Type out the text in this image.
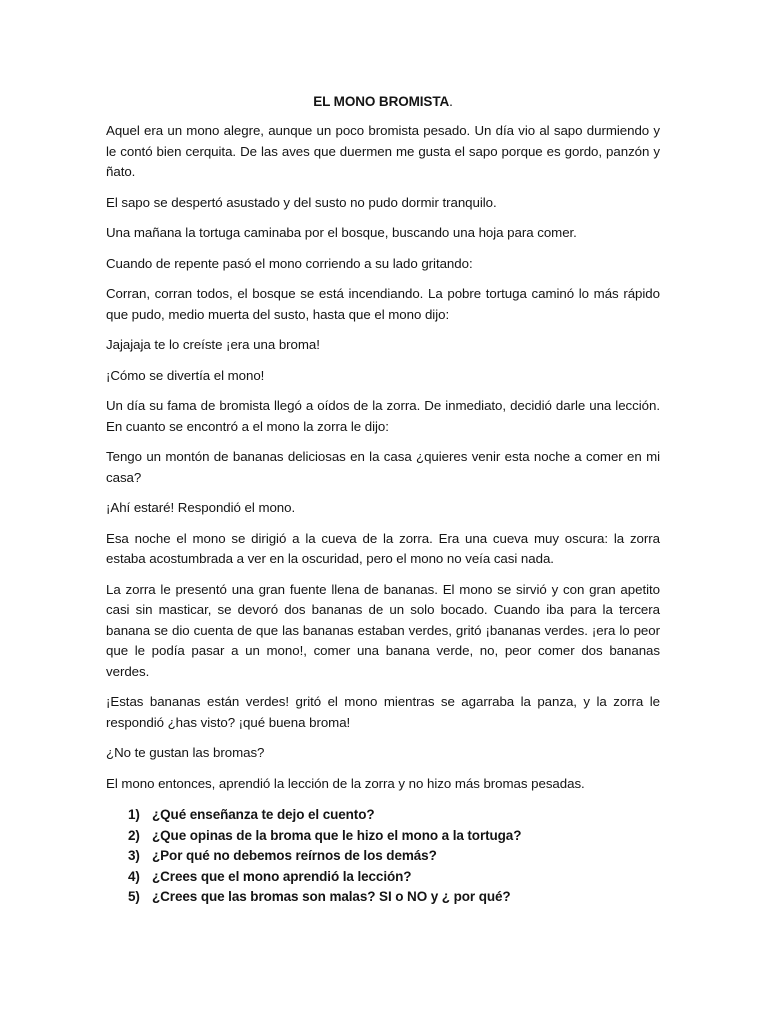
EL MONO BROMISTA.

Aquel era un mono alegre, aunque un poco bromista pesado. Un día vio al sapo durmiendo y le contó bien cerquita. De las aves que duermen me gusta el sapo porque es gordo, panzón y ñato.

El sapo se despertó asustado y del susto no pudo dormir tranquilo.

Una mañana la tortuga caminaba por el bosque, buscando una hoja para comer.

Cuando de repente pasó el mono corriendo a su lado gritando:

Corran, corran todos, el bosque se está incendiando. La pobre tortuga caminó lo más rápido que pudo, medio muerta del susto, hasta que el mono dijo:

Jajajaja te lo creíste ¡era una broma!

¡Cómo se divertía el mono!

Un día su fama de bromista llegó a oídos de la zorra. De inmediato, decidió darle una lección. En cuanto se encontró a el mono la zorra le dijo:

Tengo un montón de bananas deliciosas en la casa ¿quieres venir esta noche a comer en mi casa?

¡Ahí estaré! Respondió el mono.

Esa noche el mono se dirigió a la cueva de la zorra. Era una cueva muy oscura: la zorra estaba acostumbrada a ver en la oscuridad, pero el mono no veía casi nada.

La zorra le presentó una gran fuente llena de bananas. El mono se sirvió y con gran apetito casi sin masticar, se devoró dos bananas de un solo bocado. Cuando iba para la tercera banana se dio cuenta de que las bananas estaban verdes, gritó ¡bananas verdes. ¡era lo peor que le podía pasar a un mono!, comer una banana verde, no, peor comer dos bananas verdes.

¡Estas bananas están verdes! gritó el mono mientras se agarraba la panza, y la zorra le respondió ¿has visto? ¡qué buena broma!

¿No te gustan las bromas?

El mono entonces, aprendió la lección de la zorra y no hizo más bromas pesadas.

1) ¿Qué enseñanza te dejo el cuento?
2) ¿Que opinas de la broma que le hizo el mono a la tortuga?
3) ¿Por qué no debemos reírnos de los demás?
4) ¿Crees que el mono aprendió la lección?
5) ¿Crees que las bromas son malas? SI o NO y ¿ por qué?
